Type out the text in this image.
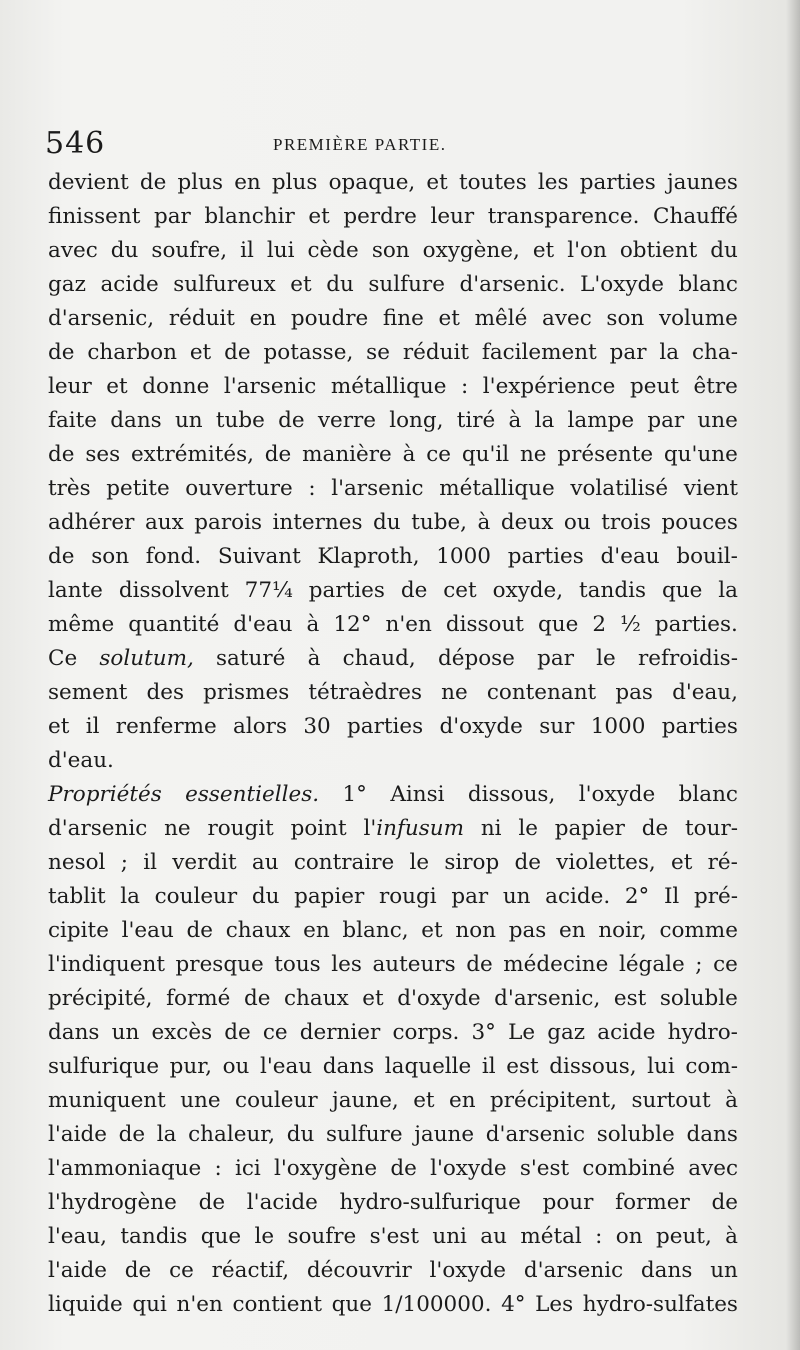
546	PREMIÈRE PARTIE.
devient de plus en plus opaque, et toutes les parties jaunes
finissent par blanchir et perdre leur transparence. Chauffé
avec du soufre, il lui cède son oxygène, et l'on obtient du
gaz acide sulfureux et du sulfure d'arsenic. L'oxyde blanc
d'arsenic, réduit en poudre fine et mêlé avec son volume
de charbon et de potasse, se réduit facilement par la cha-
leur et donne l'arsenic métallique : l'expérience peut être
faite dans un tube de verre long, tiré à la lampe par une
de ses extrémités, de manière à ce qu'il ne présente qu'une
très petite ouverture : l'arsenic métallique volatilisé vient
adhérer aux parois internes du tube, à deux ou trois pouces
de son fond. Suivant Klaproth, 1000 parties d'eau bouil-
lante dissolvent 77¼ parties de cet oxyde, tandis que la
même quantité d'eau à 12° n'en dissout que 2 ½ parties.
Ce solutum, saturé à chaud, dépose par le refroidis-
sement des prismes tétraèdres ne contenant pas d'eau,
et il renferme alors 30 parties d'oxyde sur 1000 parties
d'eau.
Propriétés essentielles. 1° Ainsi dissous, l'oxyde blanc
d'arsenic ne rougit point l'infusum ni le papier de tour-
nesol ; il verdit au contraire le sirop de violettes, et ré-
tablit la couleur du papier rougi par un acide. 2° Il pré-
cipite l'eau de chaux en blanc, et non pas en noir, comme
l'indiquent presque tous les auteurs de médecine légale ; ce
précipité, formé de chaux et d'oxyde d'arsenic, est soluble
dans un excès de ce dernier corps. 3° Le gaz acide hydro-
sulfurique pur, ou l'eau dans laquelle il est dissous, lui com-
muniquent une couleur jaune, et en précipitent, surtout à
l'aide de la chaleur, du sulfure jaune d'arsenic soluble dans
l'ammoniaque : ici l'oxygène de l'oxyde s'est combiné avec
l'hydrogène de l'acide hydro-sulfurique pour former de
l'eau, tandis que le soufre s'est uni au métal : on peut, à
l'aide de ce réactif, découvrir l'oxyde d'arsenic dans un
liquide qui n'en contient que 1/100000. 4° Les hydro-sulfates
